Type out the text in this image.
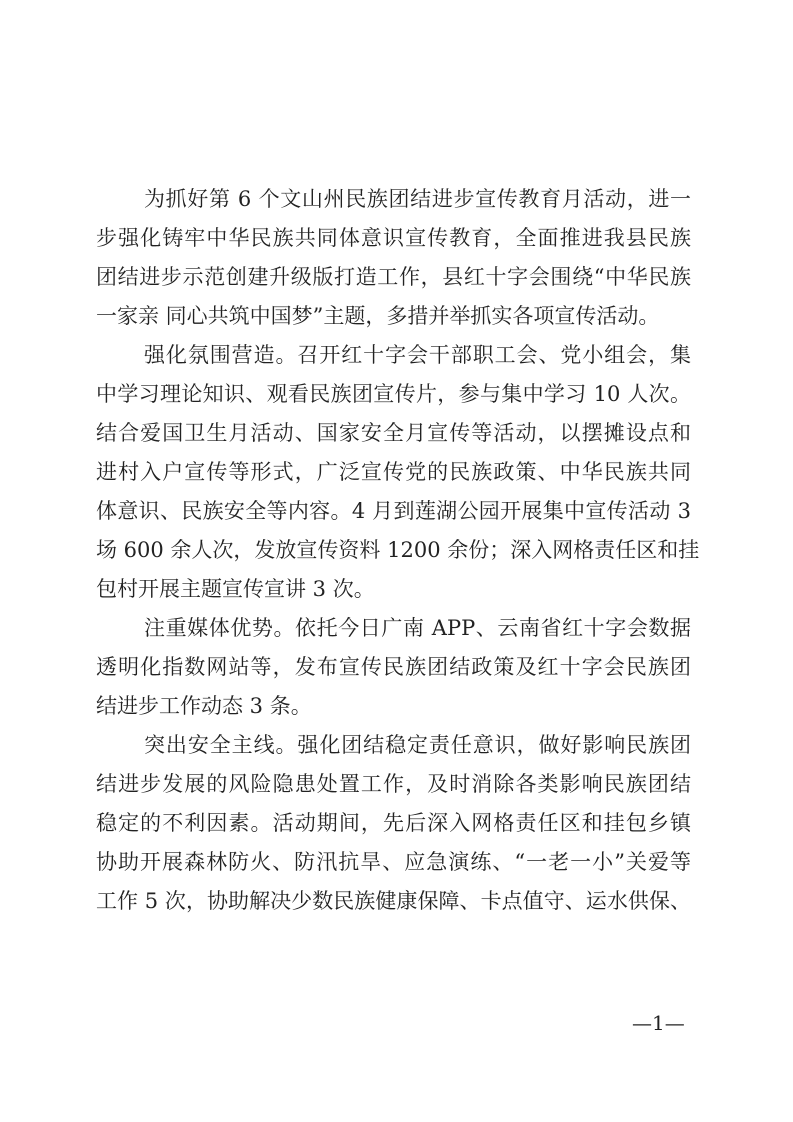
为抓好第 6 个文山州民族团结进步宣传教育月活动，进一
步强化铸牢中华民族共同体意识宣传教育，全面推进我县民族
团结进步示范创建升级版打造工作，县红十字会围绕“中华民族
一家亲 同心共筑中国梦”主题，多措并举抓实各项宣传活动。
强化氛围营造。召开红十字会干部职工会、党小组会，集
中学习理论知识、观看民族团宣传片，参与集中学习 10 人次。
结合爱国卫生月活动、国家安全月宣传等活动，以摆摊设点和
进村入户宣传等形式，广泛宣传党的民族政策、中华民族共同
体意识、民族安全等内容。4 月到莲湖公园开展集中宣传活动 3
场 600 余人次，发放宣传资料 1200 余份；深入网格责任区和挂
包村开展主题宣传宣讲 3 次。
注重媒体优势。依托今日广南 APP、云南省红十字会数据
透明化指数网站等，发布宣传民族团结政策及红十字会民族团
结进步工作动态 3 条。
突出安全主线。强化团结稳定责任意识，做好影响民族团
结进步发展的风险隐患处置工作，及时消除各类影响民族团结
稳定的不利因素。活动期间，先后深入网格责任区和挂包乡镇
协助开展森林防火、防汛抗旱、应急演练、“一老一小”关爱等
工作 5 次，协助解决少数民族健康保障、卡点值守、运水供保、
—1—
